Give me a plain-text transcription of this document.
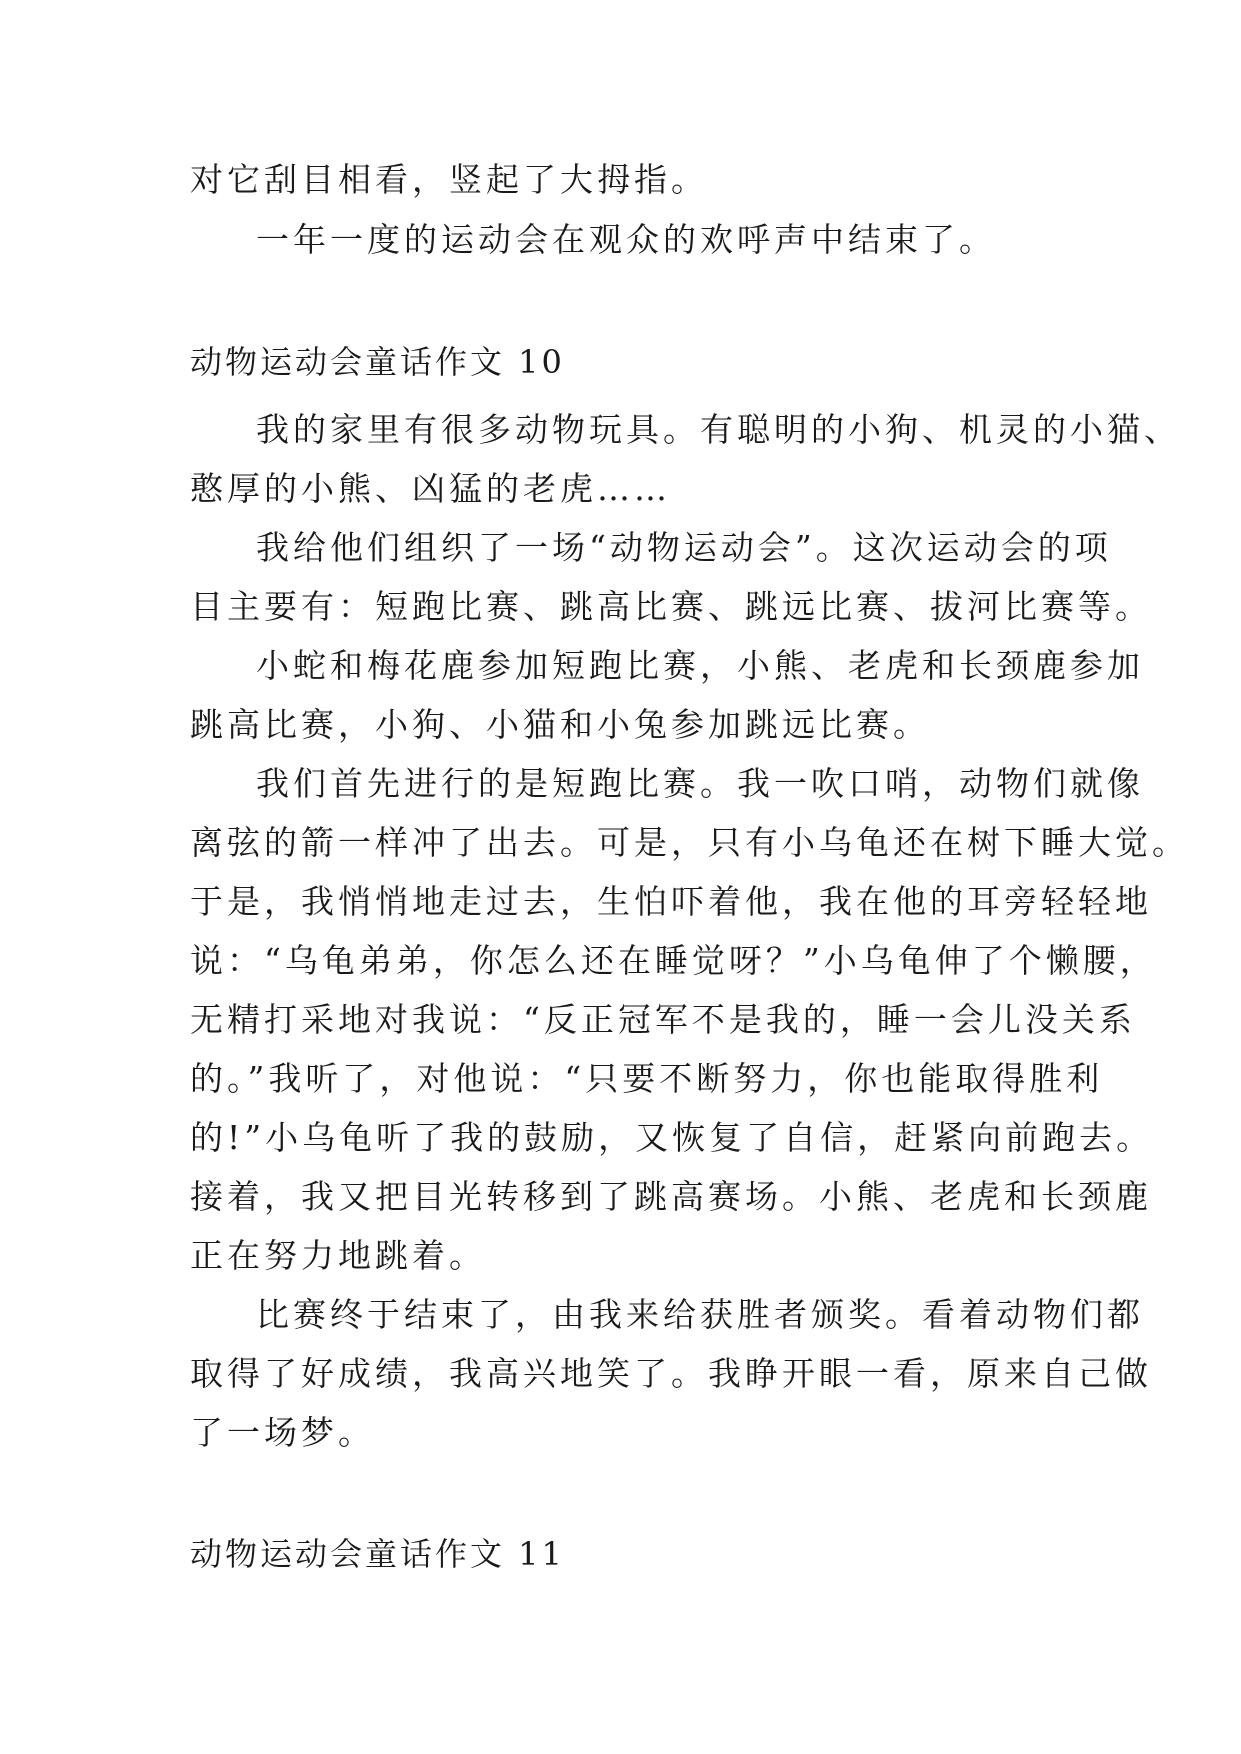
对它刮目相看，竖起了大拇指。
一年一度的运动会在观众的欢呼声中结束了。
动物运动会童话作文 10
我的家里有很多动物玩具。有聪明的小狗、机灵的小猫、
憨厚的小熊、凶猛的老虎……
我给他们组织了一场“动物运动会”。这次运动会的项
目主要有：短跑比赛、跳高比赛、跳远比赛、拔河比赛等。
小蛇和梅花鹿参加短跑比赛，小熊、老虎和长颈鹿参加
跳高比赛，小狗、小猫和小兔参加跳远比赛。
我们首先进行的是短跑比赛。我一吹口哨，动物们就像
离弦的箭一样冲了出去。可是，只有小乌龟还在树下睡大觉。
于是，我悄悄地走过去，生怕吓着他，我在他的耳旁轻轻地
说：“乌龟弟弟，你怎么还在睡觉呀？”小乌龟伸了个懒腰，
无精打采地对我说：“反正冠军不是我的，睡一会儿没关系
的。”我听了，对他说：“只要不断努力，你也能取得胜利
的!”小乌龟听了我的鼓励，又恢复了自信，赶紧向前跑去。
接着，我又把目光转移到了跳高赛场。小熊、老虎和长颈鹿
正在努力地跳着。
比赛终于结束了，由我来给获胜者颁奖。看着动物们都
取得了好成绩，我高兴地笑了。我睁开眼一看，原来自己做
了一场梦。
动物运动会童话作文 11
